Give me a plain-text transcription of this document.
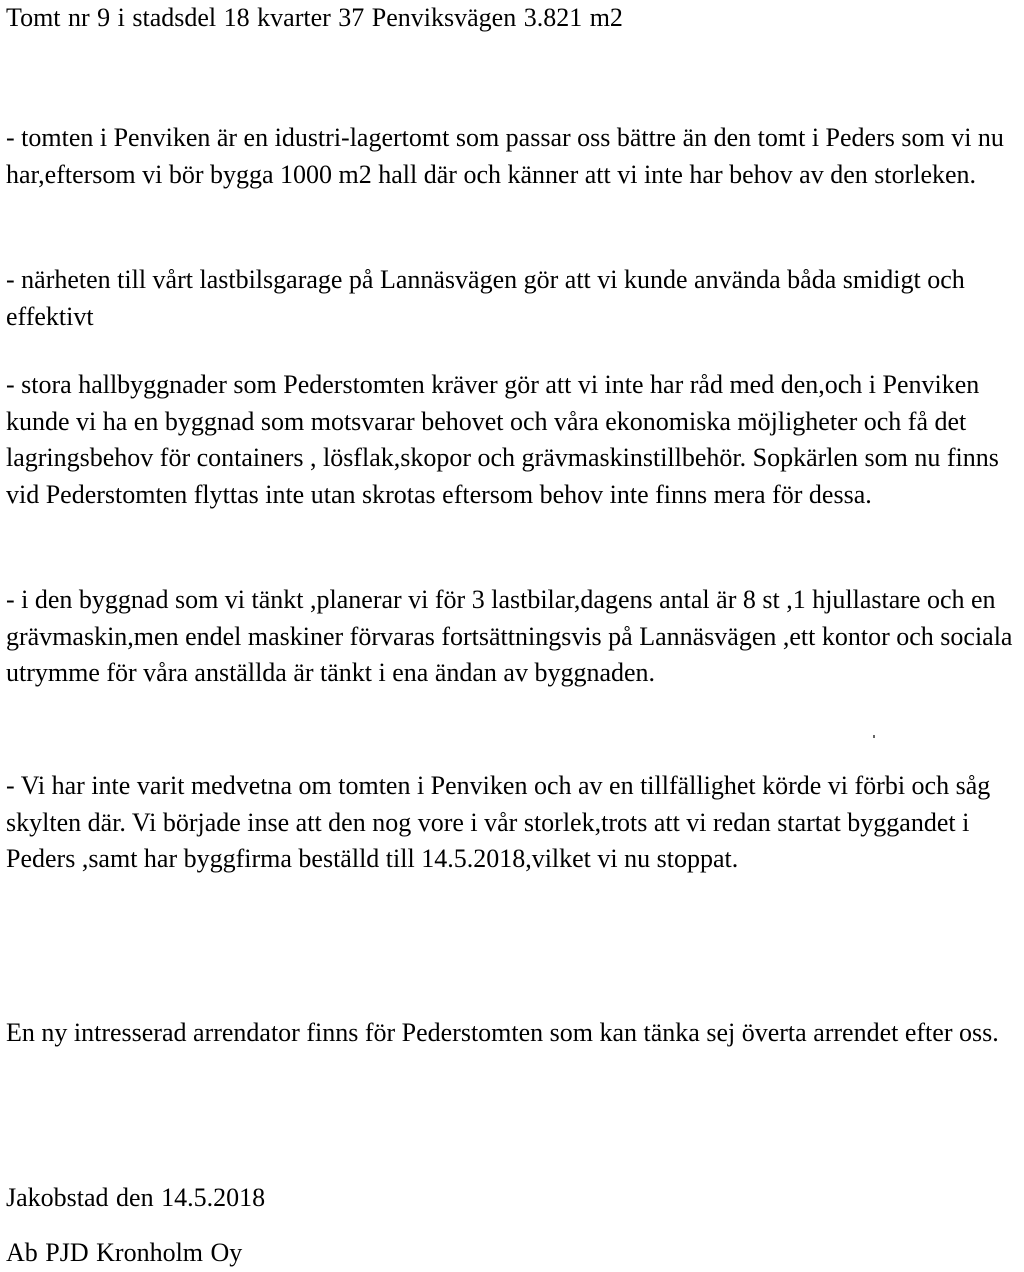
Tomt nr 9 i stadsdel 18 kvarter 37 Penviksvägen 3.821 m2

- tomten i Penviken är en idustri-lagertomt som passar oss bättre än den tomt i Peders som vi nu har,eftersom vi bör bygga 1000 m2 hall där och känner att vi inte har behov av den storleken.

- närheten till vårt lastbilsgarage på Lannäsvägen gör att vi kunde använda båda smidigt och effektivt

- stora hallbyggnader som Pederstomten kräver gör att vi inte har råd med den,och i Penviken kunde vi ha en byggnad som motsvarar behovet och våra ekonomiska möjligheter och få det lagringsbehov för containers , lösflak,skopor och grävmaskinstillbehör. Sopkärlen som nu finns vid Pederstomten flyttas inte utan skrotas eftersom behov inte finns mera för dessa.

- i den byggnad som vi tänkt ,planerar vi för 3 lastbilar,dagens antal är 8 st ,1 hjullastare och en grävmaskin,men endel maskiner förvaras fortsättningsvis på Lannäsvägen ,ett kontor och sociala utrymme för våra anställda är tänkt i ena ändan av byggnaden.

- Vi har inte varit medvetna om tomten i Penviken och av en tillfällighet körde vi förbi och såg skylten där. Vi började inse att den nog vore i vår storlek,trots att vi redan startat byggandet i Peders ,samt har byggfirma beställd till 14.5.2018,vilket vi nu stoppat.

En ny intresserad arrendator finns för Pederstomten som kan tänka sej överta arrendet efter oss.

Jakobstad den 14.5.2018
Ab PJD Kronholm Oy
